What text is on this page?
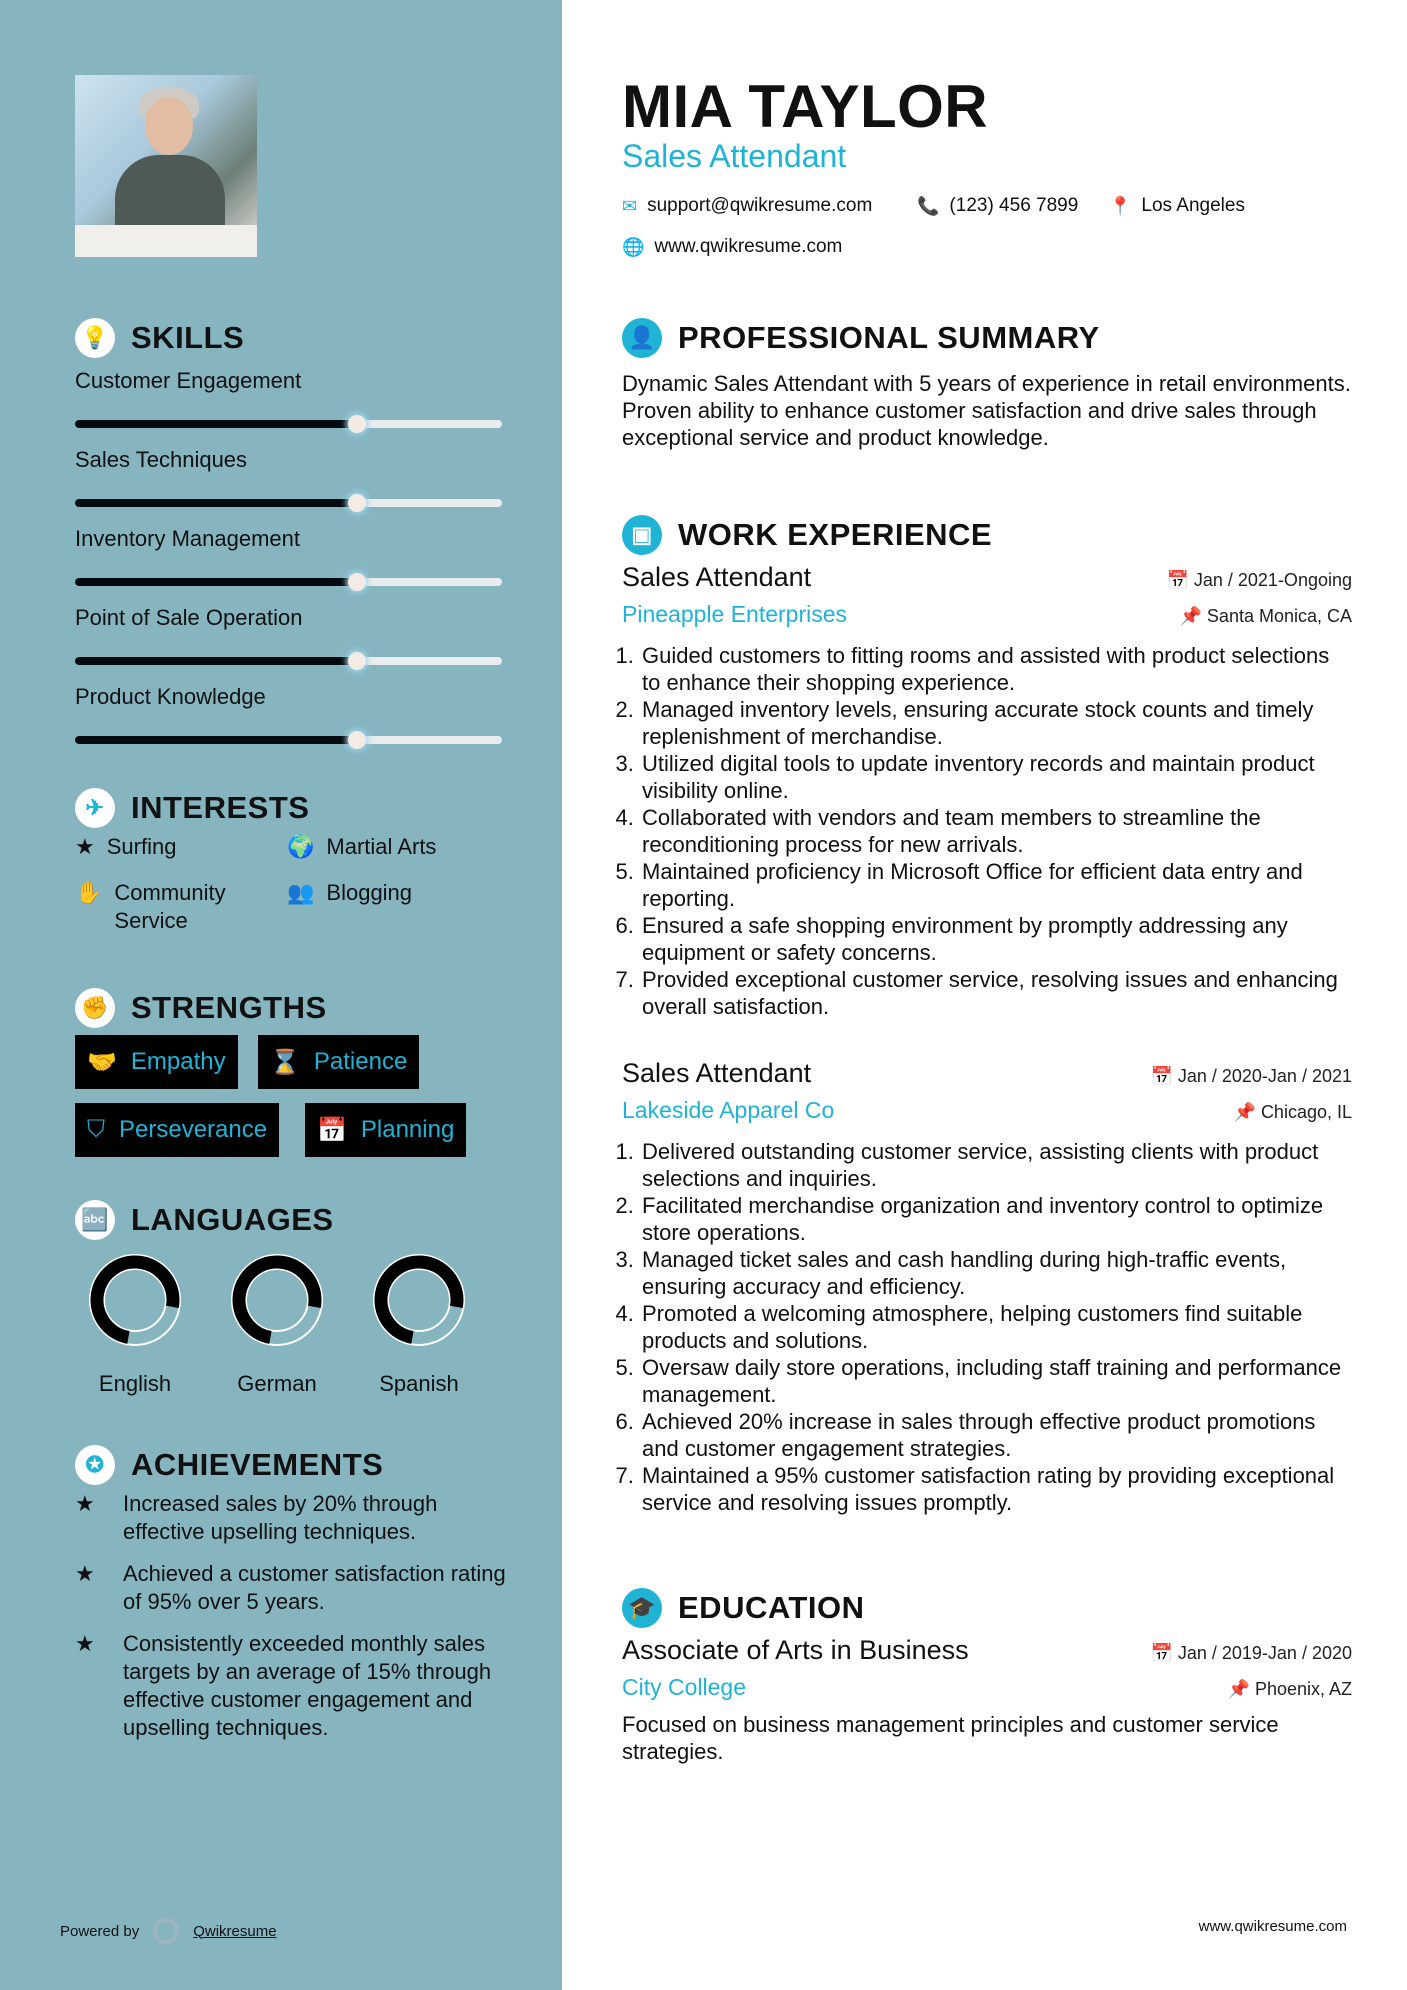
💡 SKILLS
Customer Engagement
Sales Techniques
Inventory Management
Point of Sale Operation
Product Knowledge
✈ INTERESTS
★ Surfing	🌍 Martial Arts
✋ Community Service
👥 Blogging
✊ STRENGTHS
🤝 Empathy ⌛ Patience
⛉ Perseverance 📅 Planning
🔤 LANGUAGES
English	German	Spanish
✪ ACHIEVEMENTS
★	Increased sales by 20% through effective upselling techniques.
★	Achieved a customer satisfaction rating of 95% over 5 years.
★	Consistently exceeded monthly sales targets by an average of 15% through effective customer engagement and upselling techniques.
Powered by	Qwikresume
MIA TAYLOR
Sales Attendant
✉ support@qwikresume.com 📞 (123) 456 7899 📍 Los Angeles
🌐 www.qwikresume.com
👤 PROFESSIONAL SUMMARY
Dynamic Sales Attendant with 5 years of experience in retail environments. Proven ability to enhance customer satisfaction and drive sales through exceptional service and product knowledge.
▣ WORK EXPERIENCE
Sales Attendant	📅 Jan / 2021-Ongoing
Pineapple Enterprises	📌 Santa Monica, CA
1. Guided customers to fitting rooms and assisted with product selections to enhance their shopping experience.
2. Managed inventory levels, ensuring accurate stock counts and timely replenishment of merchandise.
3. Utilized digital tools to update inventory records and maintain product visibility online.
4. Collaborated with vendors and team members to streamline the reconditioning process for new arrivals.
5. Maintained proficiency in Microsoft Office for efficient data entry and reporting.
6. Ensured a safe shopping environment by promptly addressing any equipment or safety concerns.
7. Provided exceptional customer service, resolving issues and enhancing overall satisfaction.
Sales Attendant	📅 Jan / 2020-Jan / 2021
Lakeside Apparel Co	📌 Chicago, IL
1. Delivered outstanding customer service, assisting clients with product selections and inquiries.
2. Facilitated merchandise organization and inventory control to optimize store operations.
3. Managed ticket sales and cash handling during high-traffic events, ensuring accuracy and efficiency.
4. Promoted a welcoming atmosphere, helping customers find suitable products and solutions.
5. Oversaw daily store operations, including staff training and performance management.
6. Achieved 20% increase in sales through effective product promotions and customer engagement strategies.
7. Maintained a 95% customer satisfaction rating by providing exceptional service and resolving issues promptly.
🎓 EDUCATION
Associate of Arts in Business	📅 Jan / 2019-Jan / 2020
City College	📌 Phoenix, AZ
Focused on business management principles and customer service strategies.
www.qwikresume.com
